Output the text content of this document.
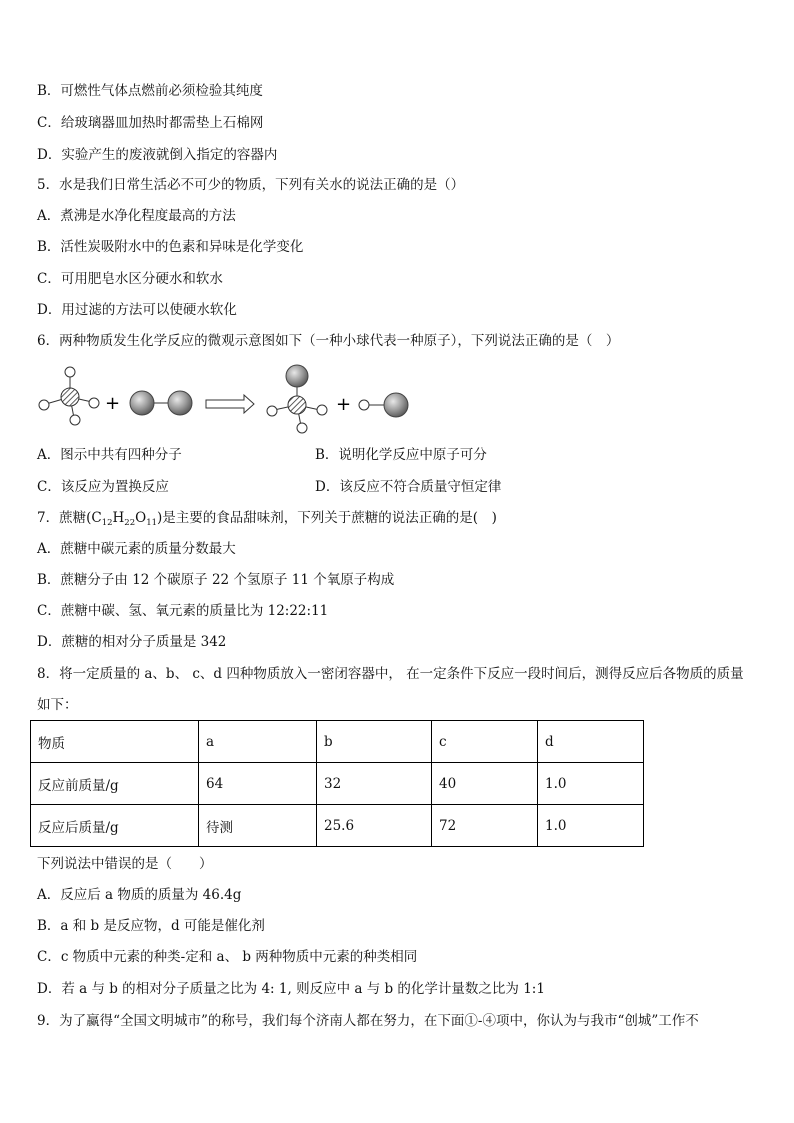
B．可燃性气体点燃前必须检验其纯度
C．给玻璃器皿加热时都需垫上石棉网
D．实验产生的废液就倒入指定的容器内
5．水是我们日常生活必不可少的物质，下列有关水的说法正确的是（）
A．煮沸是水净化程度最高的方法
B．活性炭吸附水中的色素和异味是化学变化
C．可用肥皂水区分硬水和软水
D．用过滤的方法可以使硬水软化
6．两种物质发生化学反应的微观示意图如下（一种小球代表一种原子），下列说法正确的是（　）
+	+
A．图示中共有四种分子	B．说明化学反应中原子可分
C．该反应为置换反应	D．该反应不符合质量守恒定律
7．蔗糖$(C_{12}H_{22}O_{11})$是主要的食品甜味剂，下列关于蔗糖的说法正确的是(　)
A．蔗糖中碳元素的质量分数最大
B．蔗糖分子由 12 个碳原子 22 个氢原子 11 个氧原子构成
C．蔗糖中碳、氢、氧元素的质量比为 12:22:11
D．蔗糖的相对分子质量是 342
8．将一定质量的 a、b、 c、d 四种物质放入一密闭容器中， 在一定条件下反应一段时间后，测得反应后各物质的质量
如下：
物质	a	b	c	d
反应前质量/g	64	32	40	1.0
反应后质量/g	待测	25.6	72	1.0
下列说法中错误的是（　　）
A．反应后 a 物质的质量为 46.4g
B．a 和 b 是反应物，d 可能是催化剂
C．c 物质中元素的种类-定和 a、 b 两种物质中元素的种类相同
D．若 a 与 b 的相对分子质量之比为 4: 1, 则反应中 a 与 b 的化学计量数之比为 1:1
9．为了赢得“全国文明城市”的称号，我们每个济南人都在努力，在下面①-④项中，你认为与我市“创城”工作不
